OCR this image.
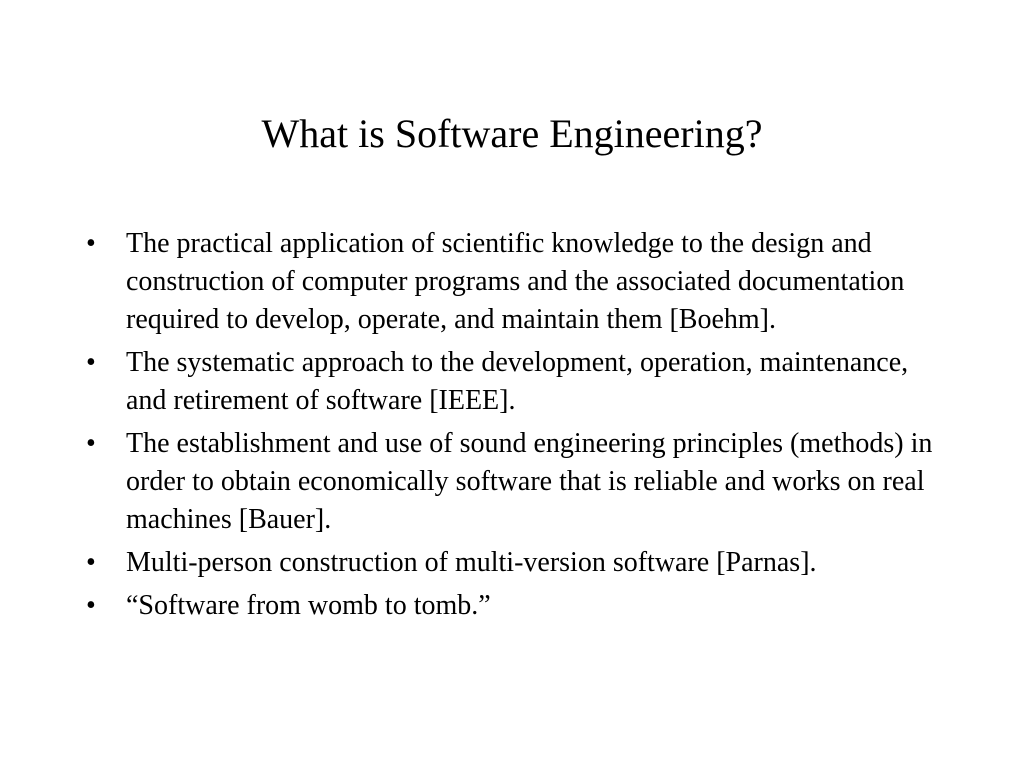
What is Software Engineering?
•	The practical application of scientific knowledge to the design and construction of computer programs and the associated documentation required to develop, operate, and maintain them [Boehm].
•	The systematic approach to the development, operation, maintenance, and retirement of software [IEEE].
•	The establishment and use of sound engineering principles (methods) in order to obtain economically software that is reliable and works on real machines [Bauer].
•	Multi-person construction of multi-version software [Parnas].
•	“Software from womb to tomb.”
